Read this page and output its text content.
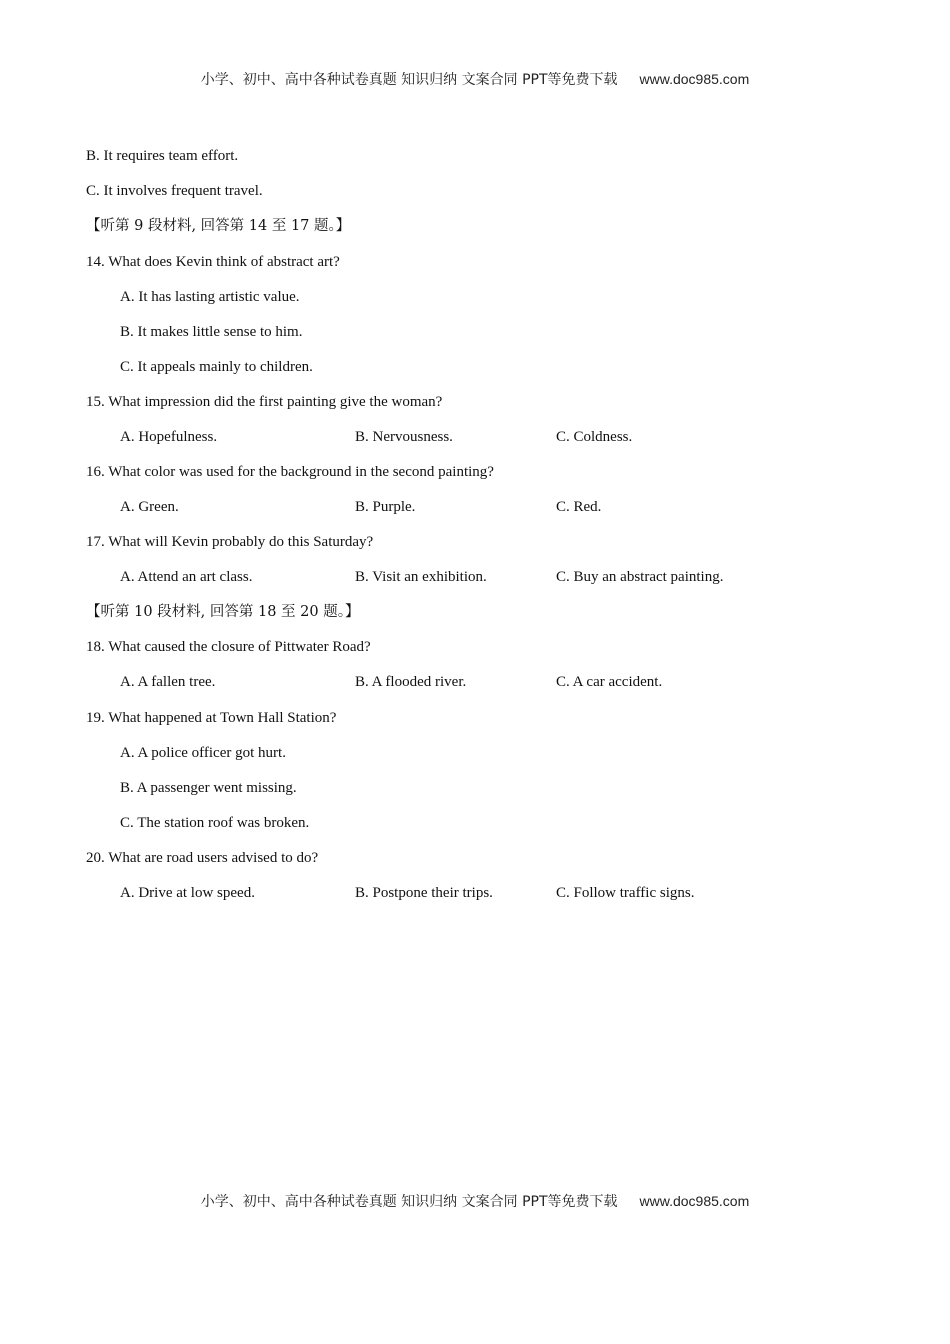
小学、初中、高中各种试卷真题 知识归纳 文案合同 PPT等免费下载 www.doc985.com
B. It requires team effort.
C. It involves frequent travel.
【听第 9 段材料, 回答第 14 至 17 题。】
14. What does Kevin think of abstract art?
A. It has lasting artistic value.
B. It makes little sense to him.
C. It appeals mainly to children.
15. What impression did the first painting give the woman?
A. Hopefulness.	B. Nervousness.	C. Coldness.
16. What color was used for the background in the second painting?
A. Green.	B. Purple.	C. Red.
17. What will Kevin probably do this Saturday?
A. Attend an art class.	B. Visit an exhibition.	C. Buy an abstract painting.
【听第 10 段材料, 回答第 18 至 20 题。】
18. What caused the closure of Pittwater Road?
A. A fallen tree.	B. A flooded river.	C. A car accident.
19. What happened at Town Hall Station?
A. A police officer got hurt.
B. A passenger went missing.
C. The station roof was broken.
20. What are road users advised to do?
A. Drive at low speed.	B. Postpone their trips.	C. Follow traffic signs.
小学、初中、高中各种试卷真题 知识归纳 文案合同 PPT等免费下载 www.doc985.com
